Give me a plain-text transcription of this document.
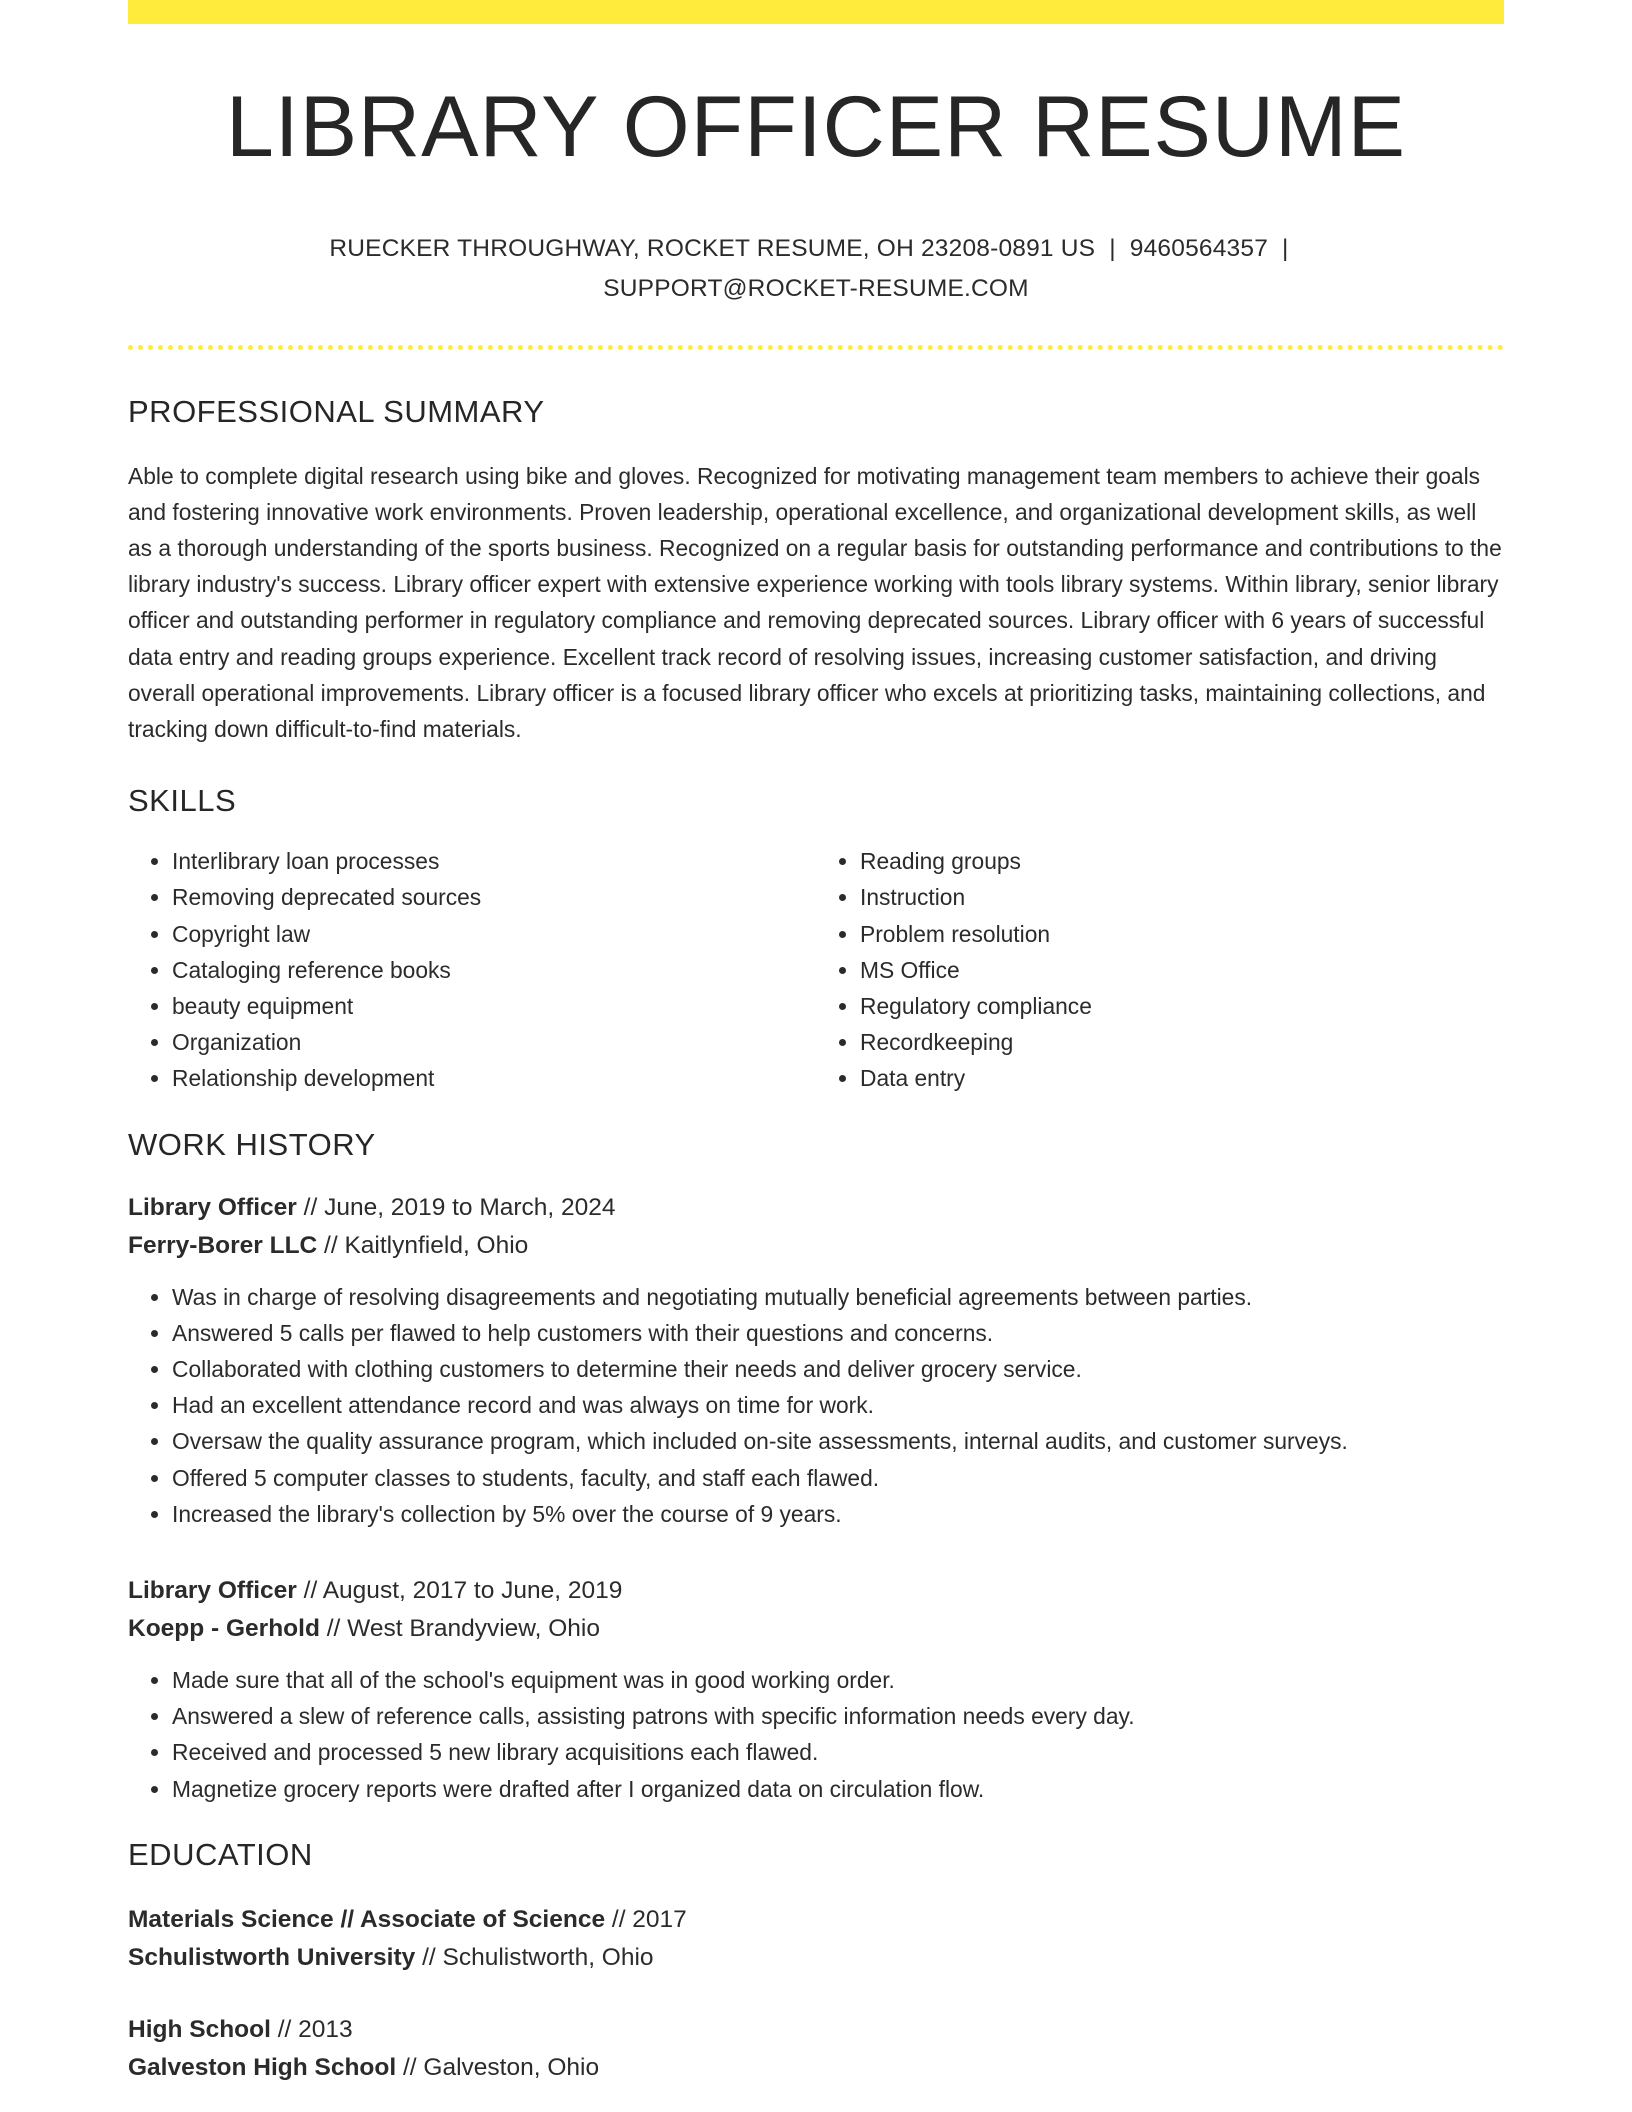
LIBRARY OFFICER RESUME
RUECKER THROUGHWAY, ROCKET RESUME, OH 23208-0891 US | 9460564357 |
SUPPORT@ROCKET-RESUME.COM
PROFESSIONAL SUMMARY

Able to complete digital research using bike and gloves. Recognized for motivating management team members to achieve their goals and fostering innovative work environments. Proven leadership, operational excellence, and organizational development skills, as well as a thorough understanding of the sports business. Recognized on a regular basis for outstanding performance and contributions to the library industry's success. Library officer expert with extensive experience working with tools library systems. Within library, senior library officer and outstanding performer in regulatory compliance and removing deprecated sources. Library officer with 6 years of successful data entry and reading groups experience. Excellent track record of resolving issues, increasing customer satisfaction, and driving overall operational improvements. Library officer is a focused library officer who excels at prioritizing tasks, maintaining collections, and tracking down difficult-to-find materials.

SKILLS
• Interlibrary loan processes
• Removing deprecated sources
• Copyright law
• Cataloging reference books
• beauty equipment
• Organization
• Relationship development
• Reading groups
• Instruction
• Problem resolution
• MS Office
• Regulatory compliance
• Recordkeeping
• Data entry
WORK HISTORY
Library Officer // June, 2019 to March, 2024
Ferry-Borer LLC // Kaitlynfield, Ohio
• Was in charge of resolving disagreements and negotiating mutually beneficial agreements between parties.
• Answered 5 calls per flawed to help customers with their questions and concerns.
• Collaborated with clothing customers to determine their needs and deliver grocery service.
• Had an excellent attendance record and was always on time for work.
• Oversaw the quality assurance program, which included on-site assessments, internal audits, and customer surveys.
• Offered 5 computer classes to students, faculty, and staff each flawed.
• Increased the library's collection by 5% over the course of 9 years.
Library Officer // August, 2017 to June, 2019
Koepp - Gerhold // West Brandyview, Ohio
• Made sure that all of the school's equipment was in good working order.
• Answered a slew of reference calls, assisting patrons with specific information needs every day.
• Received and processed 5 new library acquisitions each flawed.
• Magnetize grocery reports were drafted after I organized data on circulation flow.
EDUCATION
Materials Science // Associate of Science // 2017
Schulistworth University // Schulistworth, Ohio
High School // 2013
Galveston High School // Galveston, Ohio
